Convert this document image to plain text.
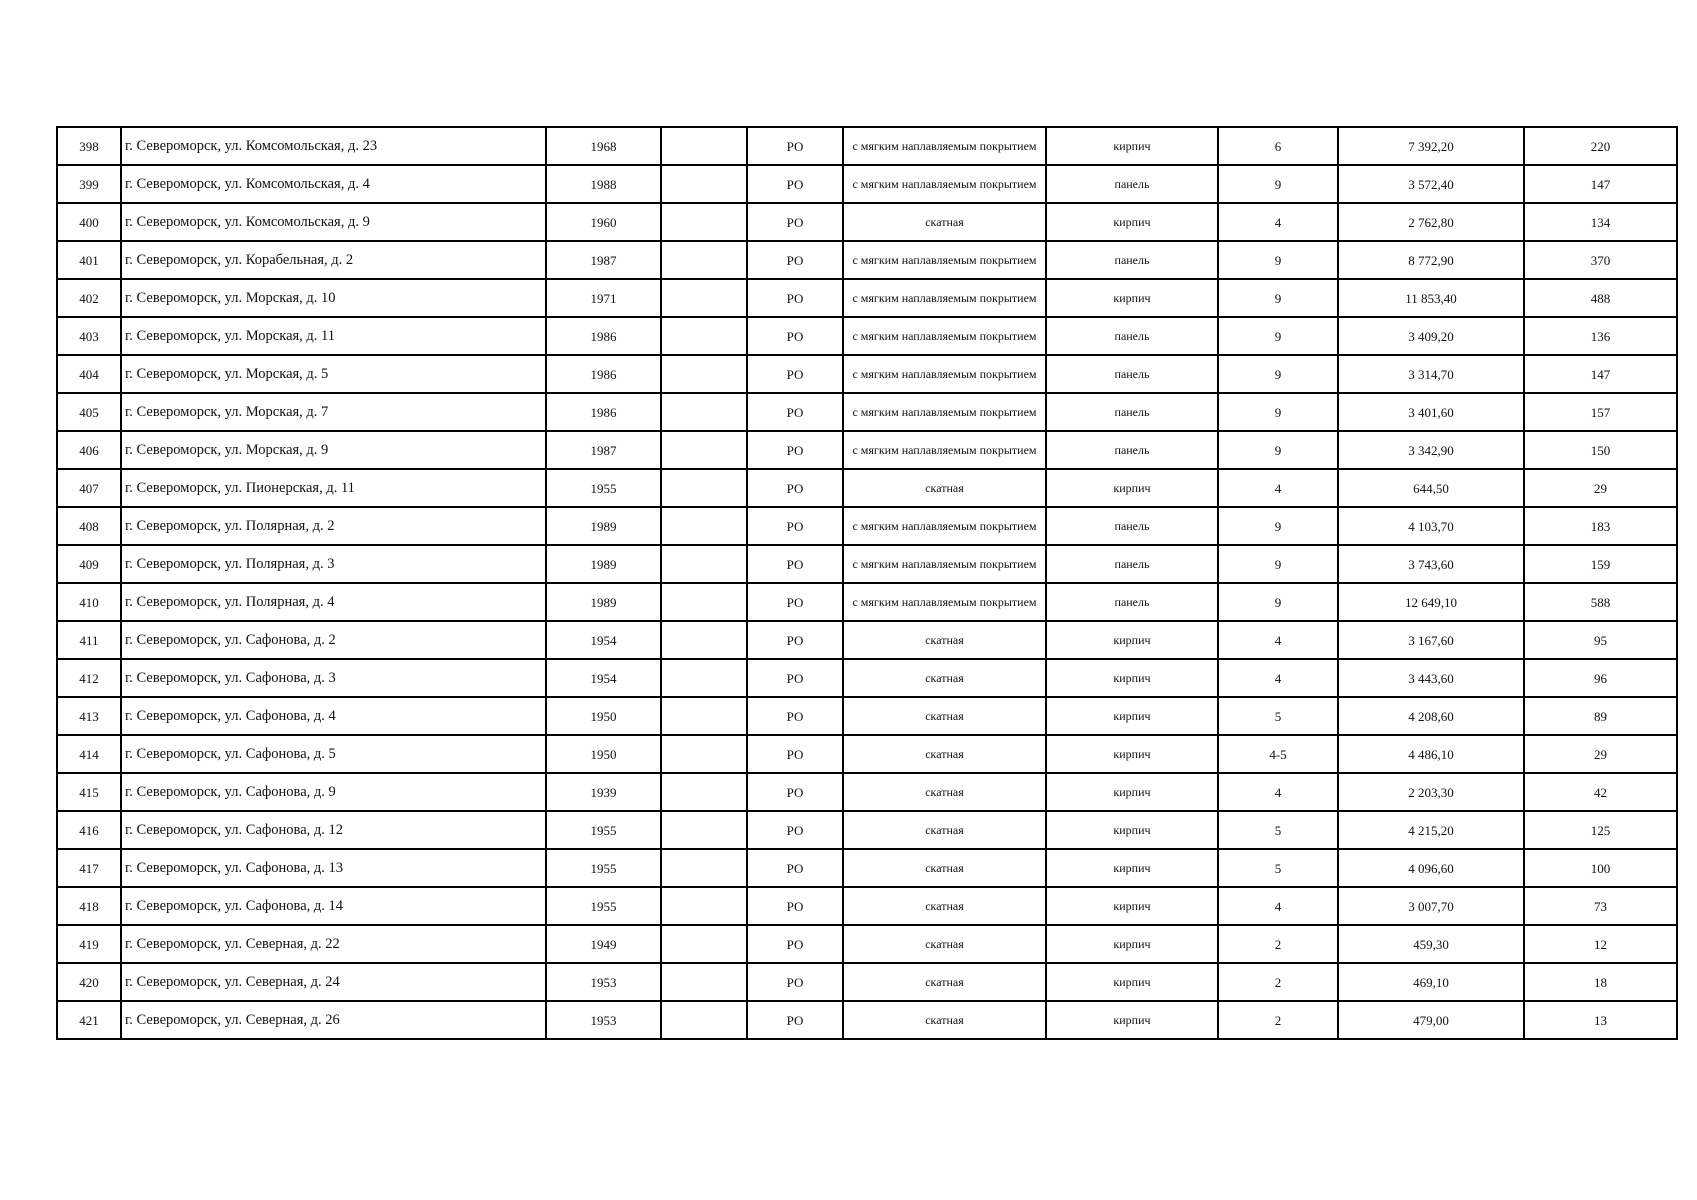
398	г. Североморск, ул. Комсомольская, д. 23	1968		РО	с мягким наплавляемым покрытием	кирпич	6	7 392,20	220
399	г. Североморск, ул. Комсомольская, д. 4	1988		РО	с мягким наплавляемым покрытием	панель	9	3 572,40	147
400	г. Североморск, ул. Комсомольская, д. 9	1960		РО	скатная	кирпич	4	2 762,80	134
401	г. Североморск, ул. Корабельная, д. 2	1987		РО	с мягким наплавляемым покрытием	панель	9	8 772,90	370
402	г. Североморск, ул. Морская, д. 10	1971		РО	с мягким наплавляемым покрытием	кирпич	9	11 853,40	488
403	г. Североморск, ул. Морская, д. 11	1986		РО	с мягким наплавляемым покрытием	панель	9	3 409,20	136
404	г. Североморск, ул. Морская, д. 5	1986		РО	с мягким наплавляемым покрытием	панель	9	3 314,70	147
405	г. Североморск, ул. Морская, д. 7	1986		РО	с мягким наплавляемым покрытием	панель	9	3 401,60	157
406	г. Североморск, ул. Морская, д. 9	1987		РО	с мягким наплавляемым покрытием	панель	9	3 342,90	150
407	г. Североморск, ул. Пионерская, д. 11	1955		РО	скатная	кирпич	4	644,50	29
408	г. Североморск, ул. Полярная, д. 2	1989		РО	с мягким наплавляемым покрытием	панель	9	4 103,70	183
409	г. Североморск, ул. Полярная, д. 3	1989		РО	с мягким наплавляемым покрытием	панель	9	3 743,60	159
410	г. Североморск, ул. Полярная, д. 4	1989		РО	с мягким наплавляемым покрытием	панель	9	12 649,10	588
411	г. Североморск, ул. Сафонова, д. 2	1954		РО	скатная	кирпич	4	3 167,60	95
412	г. Североморск, ул. Сафонова, д. 3	1954		РО	скатная	кирпич	4	3 443,60	96
413	г. Североморск, ул. Сафонова, д. 4	1950		РО	скатная	кирпич	5	4 208,60	89
414	г. Североморск, ул. Сафонова, д. 5	1950		РО	скатная	кирпич	4-5	4 486,10	29
415	г. Североморск, ул. Сафонова, д. 9	1939		РО	скатная	кирпич	4	2 203,30	42
416	г. Североморск, ул. Сафонова, д. 12	1955		РО	скатная	кирпич	5	4 215,20	125
417	г. Североморск, ул. Сафонова, д. 13	1955		РО	скатная	кирпич	5	4 096,60	100
418	г. Североморск, ул. Сафонова, д. 14	1955		РО	скатная	кирпич	4	3 007,70	73
419	г. Североморск, ул. Северная, д. 22	1949		РО	скатная	кирпич	2	459,30	12
420	г. Североморск, ул. Северная, д. 24	1953		РО	скатная	кирпич	2	469,10	18
421	г. Североморск, ул. Северная, д. 26	1953		РО	скатная	кирпич	2	479,00	13
